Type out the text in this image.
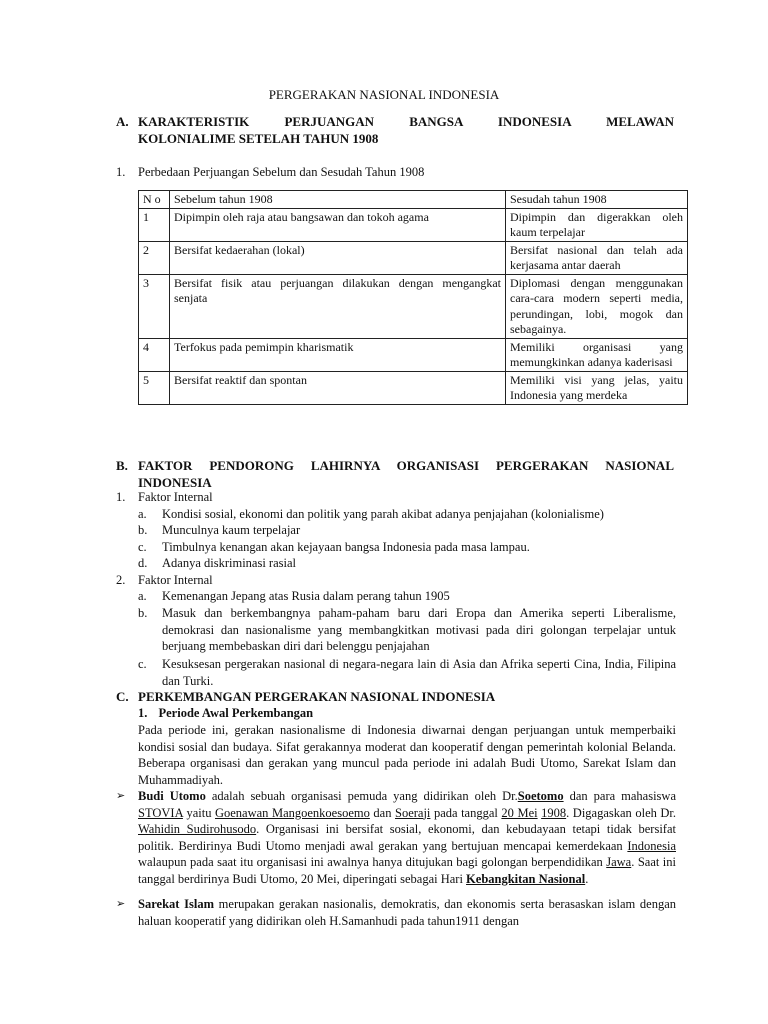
PERGERAKAN NASIONAL INDONESIA
A. KARAKTERISTIK PERJUANGAN BANGSA INDONESIA MELAWAN
KOLONIALIME SETELAH TAHUN 1908
1. Perbedaan Perjuangan Sebelum dan Sesudah Tahun 1908
N o	Sebelum tahun 1908	Sesudah tahun 1908
1	Dipimpin oleh raja atau bangsawan dan tokoh agama	Dipimpin dan digerakkan oleh kaum terpelajar
2	Bersifat kedaerahan (lokal)	Bersifat nasional dan telah ada kerjasama antar daerah
3	Bersifat fisik atau perjuangan dilakukan dengan mengangkat senjata	Diplomasi dengan menggunakan cara-cara modern seperti media, perundingan, lobi, mogok dan sebagainya.
4	Terfokus pada pemimpin kharismatik	Memiliki organisasi yang memungkinkan adanya kaderisasi
5	Bersifat reaktif dan spontan	Memiliki visi yang jelas, yaitu Indonesia yang merdeka
B. FAKTOR PENDORONG LAHIRNYA ORGANISASI PERGERAKAN NASIONAL
INDONESIA
1. Faktor Internal
a. Kondisi sosial, ekonomi dan politik yang parah akibat adanya penjajahan (kolonialisme)
b. Munculnya kaum terpelajar
c. Timbulnya kenangan akan kejayaan bangsa Indonesia pada masa lampau.
d. Adanya diskriminasi rasial
2. Faktor Internal
a. Kemenangan Jepang atas Rusia dalam perang tahun 1905
b. Masuk dan berkembangnya paham-paham baru dari Eropa dan Amerika seperti Liberalisme, demokrasi dan nasionalisme yang membangkitkan motivasi pada diri golongan terpelajar untuk berjuang membebaskan diri dari belenggu penjajahan
c. Kesuksesan pergerakan nasional di negara-negara lain di Asia dan Afrika seperti Cina, India, Filipina dan Turki.
C. PERKEMBANGAN PERGERAKAN NASIONAL INDONESIA
1. Periode Awal Perkembangan
Pada periode ini, gerakan nasionalisme di Indonesia diwarnai dengan perjuangan untuk memperbaiki kondisi sosial dan budaya. Sifat gerakannya moderat dan kooperatif dengan pemerintah kolonial Belanda. Beberapa organisasi dan gerakan yang muncul pada periode ini adalah Budi Utomo, Sarekat Islam dan Muhammadiyah.
➢ Budi Utomo adalah sebuah organisasi pemuda yang didirikan oleh Dr.Soetomo dan para mahasiswa STOVIA yaitu Goenawan Mangoenkoesoemo dan Soeraji pada tanggal 20 Mei 1908. Digagaskan oleh Dr. Wahidin Sudirohusodo. Organisasi ini bersifat sosial, ekonomi, dan kebudayaan tetapi tidak bersifat politik. Berdirinya Budi Utomo menjadi awal gerakan yang bertujuan mencapai kemerdekaan Indonesia walaupun pada saat itu organisasi ini awalnya hanya ditujukan bagi golongan berpendidikan Jawa. Saat ini tanggal berdirinya Budi Utomo, 20 Mei, diperingati sebagai Hari Kebangkitan Nasional.
➢ Sarekat Islam merupakan gerakan nasionalis, demokratis, dan ekonomis serta berasaskan islam dengan haluan kooperatif yang didirikan oleh H.Samanhudi pada tahun1911 dengan
